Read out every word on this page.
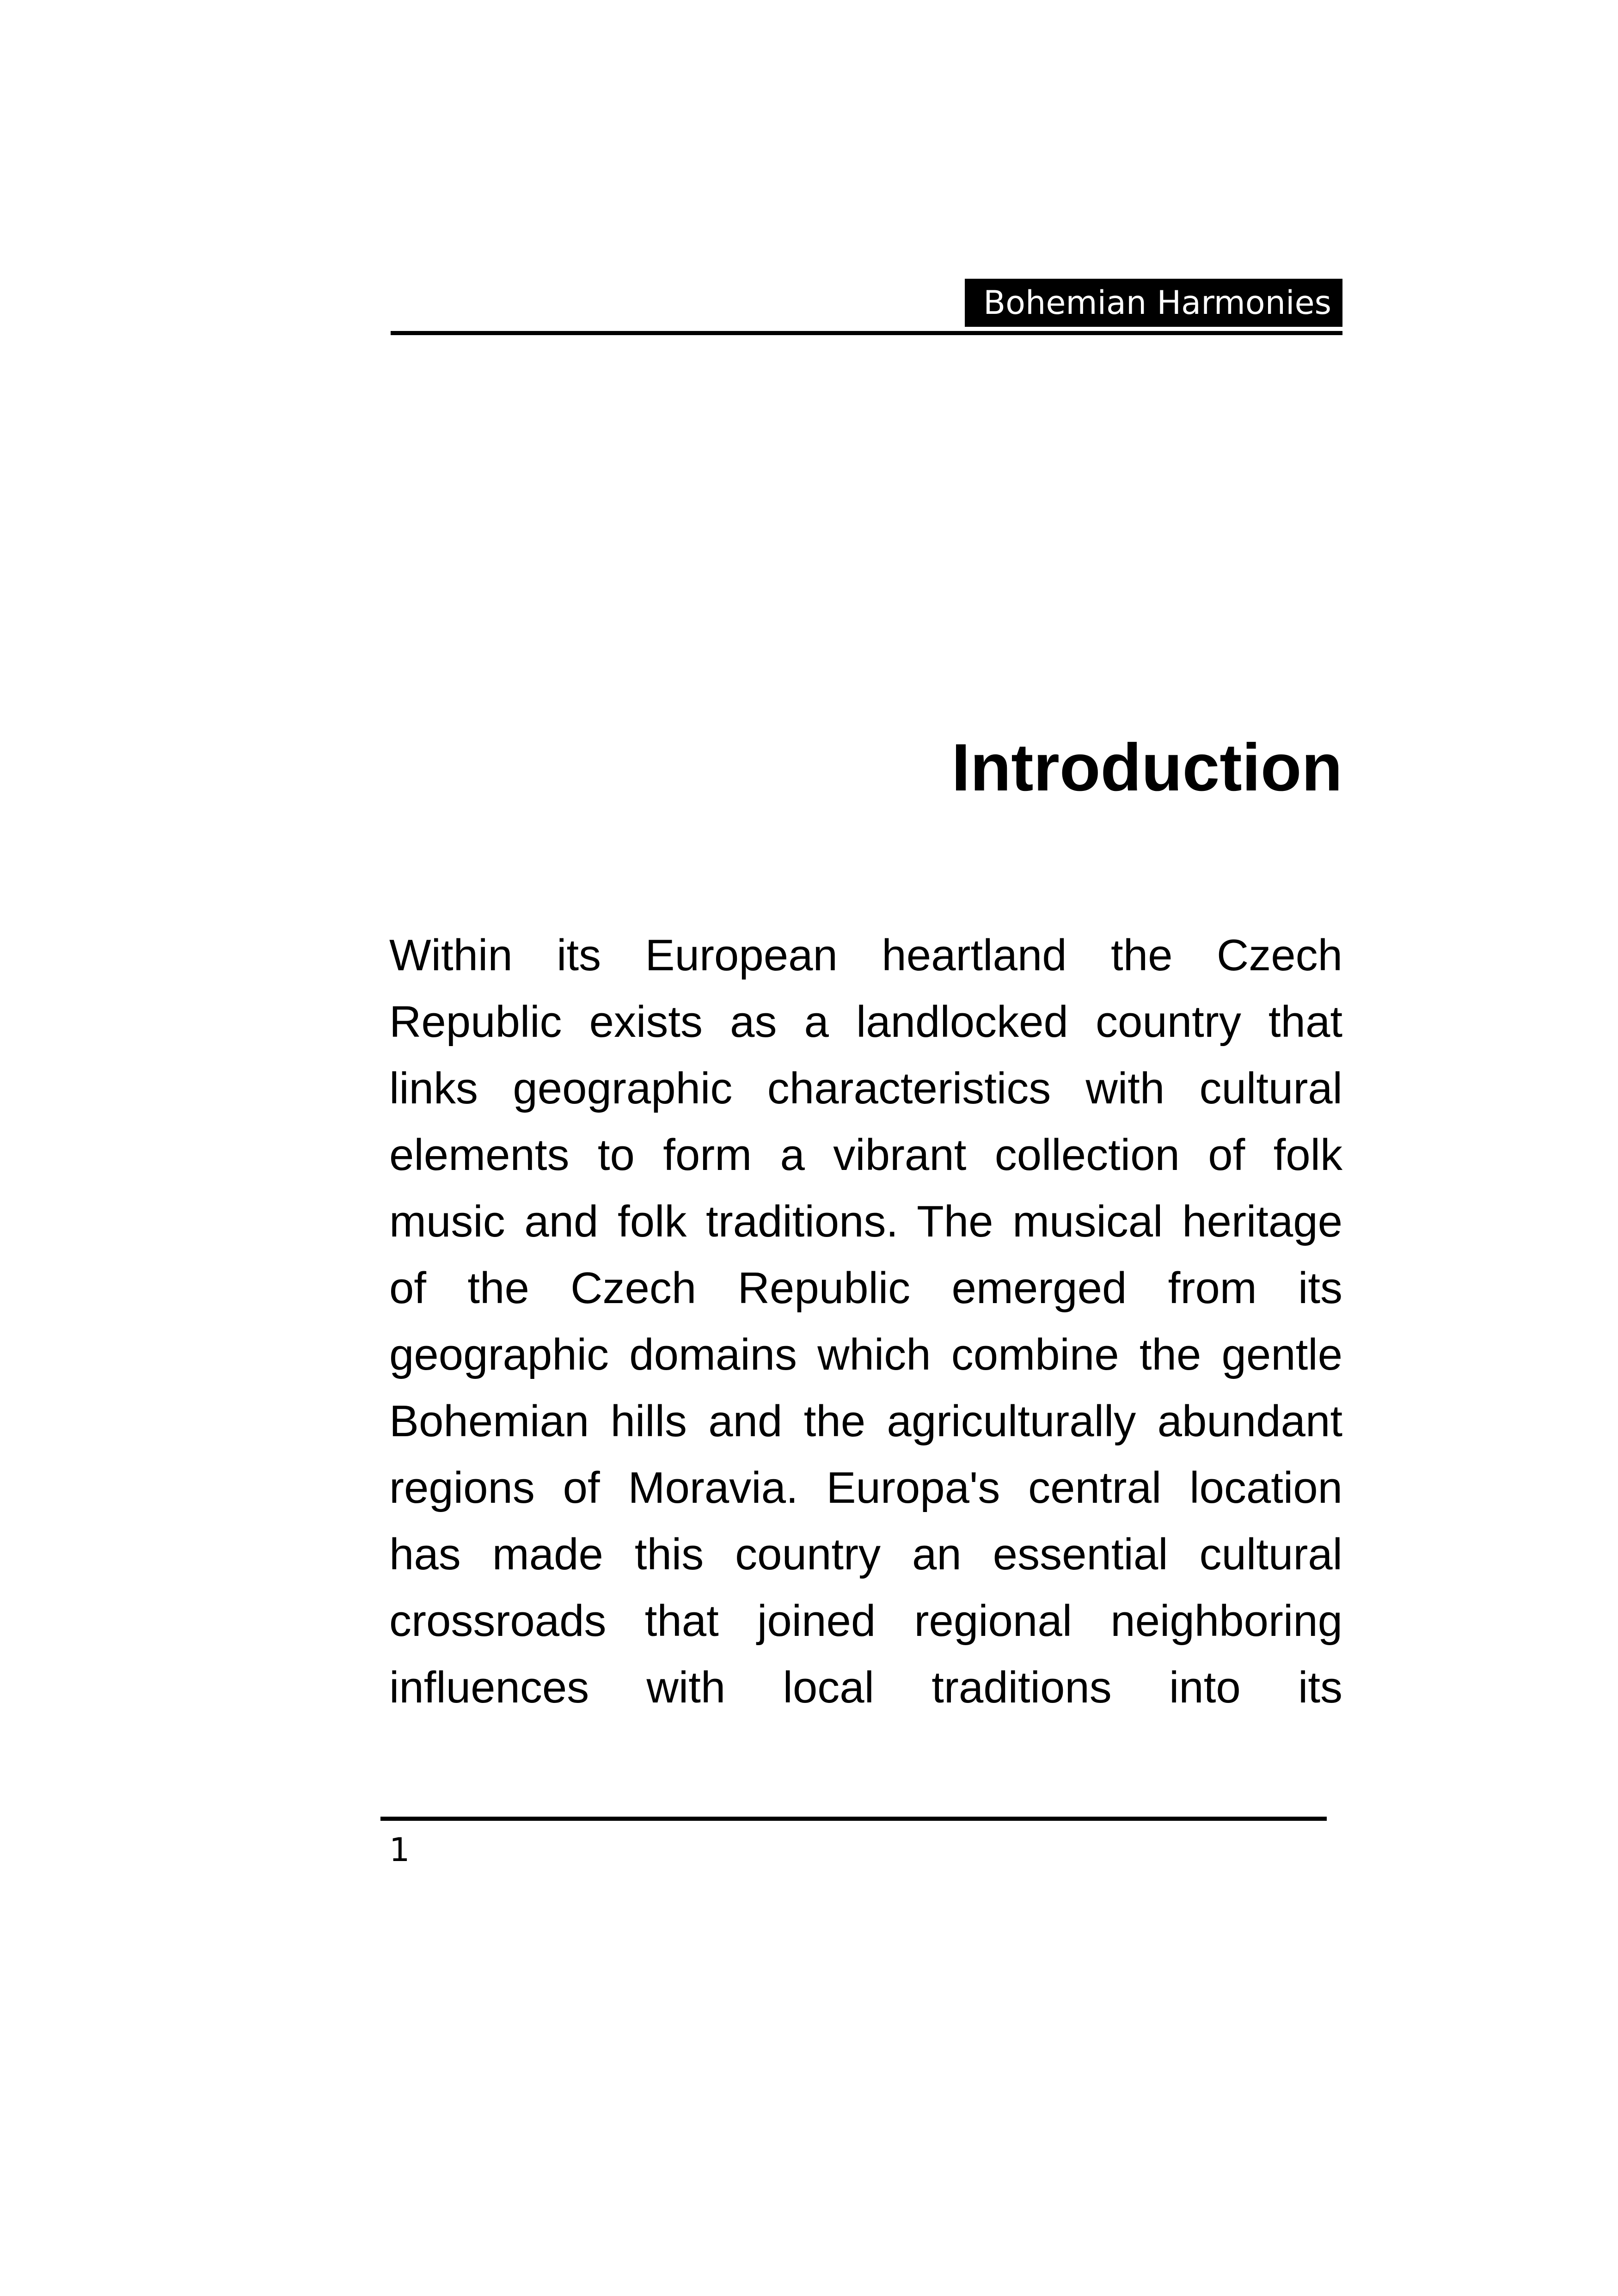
Bohemian Harmonies
Introduction

Within its European heartland the Czech Republic exists as a landlocked country that links geographic characteristics with cultural elements to form a vibrant collection of folk music and folk traditions. The musical heritage of the Czech Republic emerged from its geographic domains which combine the gentle Bohemian hills and the agriculturally abundant regions of Moravia. Europa's central location has made this country an essential cultural crossroads that joined regional neighboring influences with local traditions into its

1
